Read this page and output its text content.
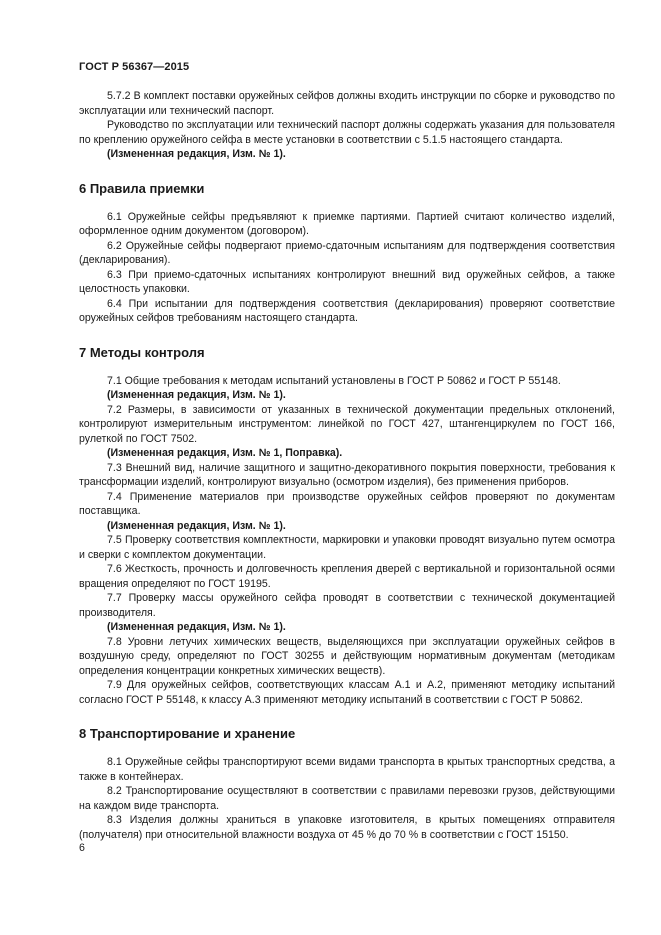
ГОСТ Р 56367—2015

5.7.2 В комплект поставки оружейных сейфов должны входить инструкции по сборке и руководство по эксплуатации или технический паспорт.

Руководство по эксплуатации или технический паспорт должны содержать указания для пользователя по креплению оружейного сейфа в месте установки в соответствии с 5.1.5 настоящего стандарта.

(Измененная редакция, Изм. № 1).

6 Правила приемки

6.1 Оружейные сейфы предъявляют к приемке партиями. Партией считают количество изделий, оформленное одним документом (договором).

6.2 Оружейные сейфы подвергают приемо-сдаточным испытаниям для подтверждения соответствия (декларирования).

6.3 При приемо-сдаточных испытаниях контролируют внешний вид оружейных сейфов, а также целостность упаковки.

6.4 При испытании для подтверждения соответствия (декларирования) проверяют соответствие оружейных сейфов требованиям настоящего стандарта.

7 Методы контроля

7.1 Общие требования к методам испытаний установлены в ГОСТ Р 50862 и ГОСТ Р 55148.

(Измененная редакция, Изм. № 1).

7.2 Размеры, в зависимости от указанных в технической документации предельных отклонений, контролируют измерительным инструментом: линейкой по ГОСТ 427, штангенциркулем по ГОСТ 166, рулеткой по ГОСТ 7502.

(Измененная редакция, Изм. № 1, Поправка).

7.3 Внешний вид, наличие защитного и защитно-декоративного покрытия поверхности, требования к трансформации изделий, контролируют визуально (осмотром изделия), без применения приборов.

7.4 Применение материалов при производстве оружейных сейфов проверяют по документам поставщика.

(Измененная редакция, Изм. № 1).

7.5 Проверку соответствия комплектности, маркировки и упаковки проводят визуально путем осмотра и сверки с комплектом документации.

7.6 Жесткость, прочность и долговечность крепления дверей с вертикальной и горизонтальной осями вращения определяют по ГОСТ 19195.

7.7 Проверку массы оружейного сейфа проводят в соответствии с технической документацией производителя.

(Измененная редакция, Изм. № 1).

7.8 Уровни летучих химических веществ, выделяющихся при эксплуатации оружейных сейфов в воздушную среду, определяют по ГОСТ 30255 и действующим нормативным документам (методикам определения концентрации конкретных химических веществ).

7.9 Для оружейных сейфов, соответствующих классам А.1 и А.2, применяют методику испытаний согласно ГОСТ Р 55148, к классу А.3 применяют методику испытаний в соответствии с ГОСТ Р 50862.

8 Транспортирование и хранение

8.1 Оружейные сейфы транспортируют всеми видами транспорта в крытых транспортных средства, а также в контейнерах.

8.2 Транспортирование осуществляют в соответствии с правилами перевозки грузов, действующими на каждом виде транспорта.

8.3 Изделия должны храниться в упаковке изготовителя, в крытых помещениях отправителя (получателя) при относительной влажности воздуха от 45 % до 70 % в соответствии с ГОСТ 15150.

6
